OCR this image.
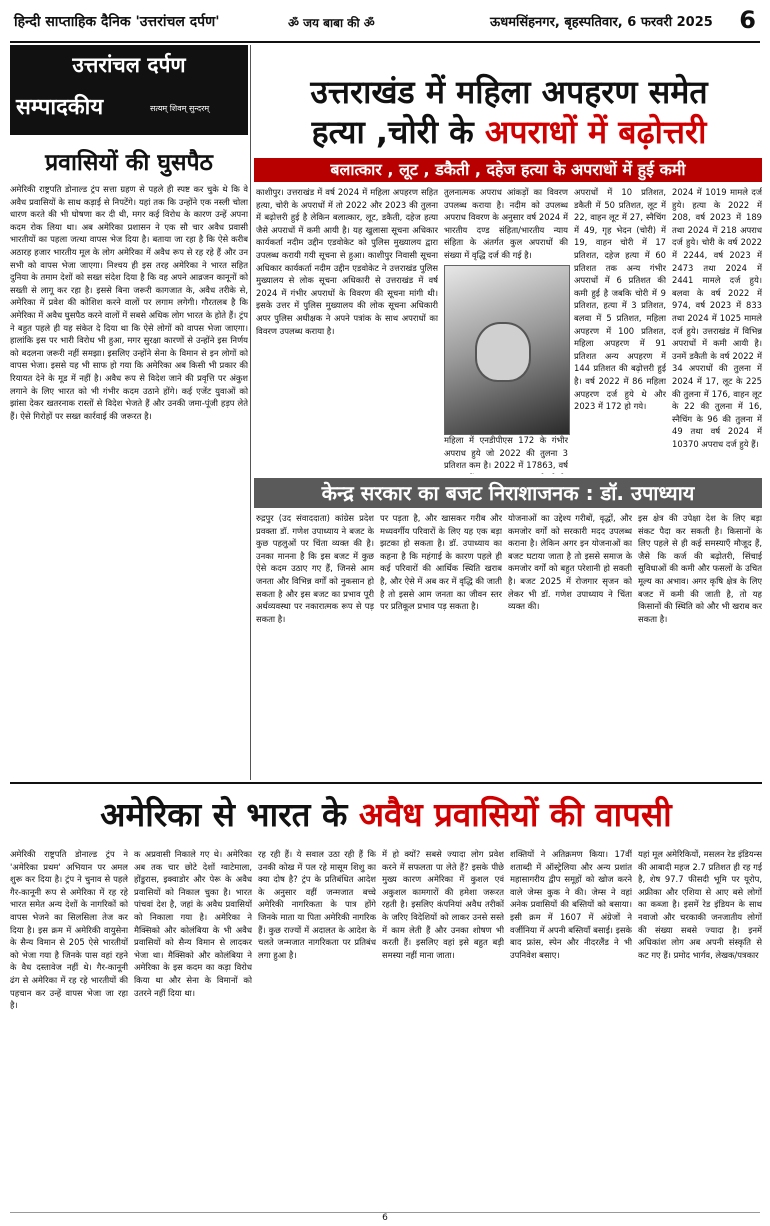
हिन्दी साप्ताहिक दैनिक 'उत्तरांचल दर्पण'	ॐ जय बाबा की ॐ	ऊधमसिंहनगर, बृहस्पतिवार, 6 फरवरी 2025 6
उत्तरांचल दर्पण
सम्पादकीय	सत्यम् शिवम् सुन्दरम्
प्रवासियों की घुसपैठ
अमेरिकी राष्ट्रपति डोनाल्ड ट्रंप सत्ता ग्रहण से पहले ही स्पष्ट कर चुके थे कि वे अवैध प्रवासियों के साथ कड़ाई से निपटेंगे। यहां तक कि उन्होंने एक नस्ली चोला धारण करते की भी घोषणा कर दी थी, मगर कई विरोध के कारण उन्हें अपना कदम रोक लिया था। अब अमेरिका प्रशासन ने एक सौ चार अवैध प्रवासी भारतीयों का पहला जत्था वापस भेज दिया है। बताया जा रहा है कि ऐसे करीब अठारह हजार भारतीय मूल के लोग अमेरिका में अवैध रूप से रह रहे हैं और उन सभी को वापस भेजा जाएगा। निश्चय ही इस तरह अमेरिका ने भारत सहित दुनिया के तमाम देशों को सख्त संदेश दिया है कि वह अपने आव्रजन कानूनों को सख्ती से लागू कर रहा है। इससे बिना जरूरी कागजात के, अवैध तरीके से, अमेरिका में प्रवेश की कोशिश करने वालों पर लगाम लगेगी। गौरतलब है कि अमेरिका में अवैध घुसपैठ करने वालों में सबसे अधिक लोग भारत के होते हैं। ट्रंप ने बहुत पहले ही यह संकेत दे दिया था कि ऐसे लोगों को वापस भेजा जाएगा। हालांकि इस पर भारी विरोध भी हुआ, मगर सुरक्षा कारणों से उन्होंने इस निर्णय को बदलना जरूरी नहीं समझा। इसलिए उन्होंने सेना के विमान से इन लोगों को वापस भेजा। इससे यह भी साफ हो गया कि अमेरिका अब किसी भी प्रकार की रियायत देने के मूड में नहीं है। अवैध रूप से विदेश जाने की प्रवृत्ति पर अंकुश लगाने के लिए भारत को भी गंभीर कदम उठाने होंगे। कई एजेंट युवाओं को झांसा देकर खतरनाक रास्तों से विदेश भेजते हैं और उनकी जमा-पूंजी हड़प लेते हैं। ऐसे गिरोहों पर सख्त कार्रवाई की जरूरत है।
उत्तराखंड में महिला अपहरण समेत
हत्या ,चोरी के अपराधों में बढ़ोत्तरी
बलात्कार , लूट , डकैती , दहेज हत्या के अपराधों में हुई कमी
काशीपुर। उत्तराखंड में वर्ष 2024 में महिला अपहरण सहित हत्या, चोरी के अपराधों में तो 2022 और 2023 की तुलना में बढ़ोत्तरी हुई है लेकिन बलात्कार, लूट, डकैती, दहेज हत्या जैसे अपराधों में कमी आयी है। यह खुलासा सूचना अधिकार कार्यकर्ता नदीम उद्दीन एडवोकेट को पुलिस मुख्यालय द्वारा उपलब्ध करायी गयी सूचना से हुआ। काशीपुर निवासी सूचना अधिकार कार्यकर्ता नदीम उद्दीन एडवोकेट ने उत्तराखंड पुलिस मुख्यालय से लोक सूचना अधिकारी से उत्तराखंड में वर्ष 2024 में गंभीर अपराधों के विवरण की सूचना मांगी थी। इसके उत्तर में पुलिस मुख्यालय की लोक सूचना अधिकारी अपर पुलिस अधीक्षक ने अपने पत्रांक के साथ अपराधों का विवरण उपलब्ध कराया है।
तुलनात्मक अपराध आंकड़ों का विवरण उपलब्ध कराया है। नदीम को उपलब्ध अपराध विवरण के अनुसार वर्ष 2024 में भारतीय दण्ड संहिता/भारतीय न्याय संहिता के अंतर्गत कुल अपराधों की संख्या में वृद्धि दर्ज की गई है।
महिला में एनडीपीएस 172 के गंभीर अपराध हुये जो 2022 की तुलना 3 प्रतिशत कम है। 2022 में 17863, वर्ष
अपराधों में 10 प्रतिशत, डकैती में 50 प्रतिशत, लूट में 22, वाहन लूट में 27, स्नैचिंग में 49, गृह भेदन (चोरी) में 19, वाहन चोरी में 17 प्रतिशत, दहेज हत्या में 60 प्रतिशत तक अन्य गंभीर अपराधों में 6 प्रतिशत की कमी हुई है जबकि चोरी में 9 प्रतिशत, हत्या में 3 प्रतिशत, बलवा में 5 प्रतिशत, महिला अपहरण में 100 प्रतिशत, महिला अपहरण में 91 प्रतिशत अन्य अपहरण में 144 प्रतिशत की बढ़ोत्तरी हुई है। वर्ष 2022 में 86 महिला अपहरण दर्ज हुये थे और 2023 में 172 हो गये।
2024 में 1019 मामले दर्ज हुये। हत्या के 2022 में 208, वर्ष 2023 में 189 तथा 2024 में 218 अपराध दर्ज हुये। चोरी के वर्ष 2022 में 2244, वर्ष 2023 में 2473 तथा 2024 में 2441 मामले दर्ज हुये। बलवा के वर्ष 2022 में 974, वर्ष 2023 में 833 तथा 2024 में 1025 मामले दर्ज हुये। उत्तराखंड में विभिन्न अपराधों में कमी आयी है। उनमें डकैती के वर्ष 2022 में 34 अपराधों की तुलना में 2024 में 17, लूट के 225 की तुलना में 176, वाहन लूट के 22 की तुलना में 16, स्नैचिंग के 96 की तुलना में 49 तथा वर्ष 2024 में 10370 अपराध दर्ज हुये हैं।
केन्द्र सरकार का बजट निराशाजनक : डॉ. उपाध्याय
रुद्रपुर (उद संवाददाता) कांग्रेस प्रदेश प्रवक्ता डॉ. गणेश उपाध्याय ने बजट के कुछ पहलुओं पर चिंता व्यक्त की है। उनका मानना है कि इस बजट में कुछ ऐसे कदम उठाए गए हैं, जिनसे आम जनता और विभिन्न वर्गों को नुकसान हो सकता है और इस बजट का प्रभाव पूरी अर्थव्यवस्था पर नकारात्मक रूप से पड़ सकता है।
पर पड़ता है, और खासकर गरीब और मध्यवर्गीय परिवारों के लिए यह एक बड़ा झटका हो सकता है। डॉ. उपाध्याय का कहना है कि महंगाई के कारण पहले ही कई परिवारों की आर्थिक स्थिति खराब है, और ऐसे में अब कर में वृद्धि की जाती है तो इससे आम जनता का जीवन स्तर पर प्रतिकूल प्रभाव पड़ सकता है।
योजनाओं का उद्देश्य गरीबों, वृद्धों, और कमजोर वर्गों को सरकारी मदद उपलब्ध कराना है। लेकिन अगर इन योजनाओं का बजट घटाया जाता है तो इससे समाज के कमजोर वर्गों को बहुत परेशानी हो सकती है। बजट 2025 में रोजगार सृजन को लेकर भी डॉ. गणेश उपाध्याय ने चिंता व्यक्त की।
इस क्षेत्र की उपेक्षा देश के लिए बड़ा संकट पैदा कर सकती है। किसानों के लिए पहले से ही कई समस्याएँ मौजूद हैं, जैसे कि कर्ज की बढ़ोतरी, सिंचाई सुविधाओं की कमी और फसलों के उचित मूल्य का अभाव। अगर कृषि क्षेत्र के लिए बजट में कमी की जाती है, तो यह किसानों की स्थिति को और भी खराब कर सकता है।
अमेरिका से भारत के अवैध प्रवासियों की वापसी
अमेरिकी राष्ट्रपति डोनाल्ड ट्रंप ने 'अमेरिका प्रथम' अभियान पर अमल शुरू कर दिया है। ट्रंप ने चुनाव से पहले गैर-कानूनी रूप से अमेरिका में रह रहे भारत समेत अन्य देशों के नागरिकों को वापस भेजने का सिलसिला तेज कर दिया है। इस क्रम में अमेरिकी वायुसेना के सैन्य विमान से 205 ऐसे भारतीयों को भेजा गया है जिनके पास वहां रहने के वैध दस्तावेज नहीं थे। गैर-कानूनी ढंग से अमेरिका में रह रहे भारतीयों की पहचान कर उन्हें वापस भेजा जा रहा है।
क अप्रवासी निकाले गए थे। अमेरिका अब तक चार छोटे देशों ग्वाटेमाला, होंडुरास, इक्वाडोर और पेरू के अवैध प्रवासियों को निकाल चुका है। भारत पांचवां देश है, जहां के अवैध प्रवासियों को निकाला गया है। अमेरिका ने मैक्सिको और कोलंबिया के भी अवैध प्रवासियों को सैन्य विमान से लादकर भेजा था। मैक्सिको और कोलंबिया ने अमेरिका के इस कदम का कड़ा विरोध किया था और सेना के विमानों को उतरने नहीं दिया था।
रह रही हैं। ये सवाल उठा रही हैं कि उनकी कोख में पल रहे मासूम शिशु का क्या दोष है? ट्रंप के प्रतिबंधित आदेश के अनुसार वहीं जन्मजात बच्चे अमेरिकी नागरिकता के पात्र होंगे जिनके माता या पिता अमेरिकी नागरिक हैं। कुछ राज्यों में अदालत के आदेश के चलते जन्मजात नागरिकता पर प्रतिबंध लगा हुआ है।
में हो क्यों? सबसे ज्यादा लोग प्रवेश करने में सफलता पा लेते हैं? इसके पीछे मुख्य कारण अमेरिका में कुशल एवं अकुशल कामगारों की हमेशा जरूरत रहती है। इसलिए कंपनियां अवैध तरीकों के जरिए विदेशियों को लाकर उनसे सस्ते में काम लेती हैं और उनका शोषण भी करती हैं। इसलिए वहां इसे बहुत बड़ी समस्या नहीं माना जाता।
शक्तियों ने अतिक्रमण किया। 17वीं शताब्दी में ऑस्ट्रेलिया और अन्य प्रशांत महासागरीय द्वीप समूहों को खोज करने वाले जेम्स कुक ने की। जेम्स ने वहां अनेक प्रवासियों की बस्तियों को बसाया। इसी क्रम में 1607 में अंग्रेजों ने वर्जीनिया में अपनी बस्तियाँ बसाई। इसके बाद फ्रांस, स्पेन और नीदरलैंड ने भी उपनिवेश बसाए।
यहां मूल अमेरिकियों, मसलन रेड इंडियन्स की आबादी महज 2.7 प्रतिशत ही रह गई है, शेष 97.7 फीसदी भूमि पर यूरोप, अफ्रीका और एशिया से आए बसे लोगों का कब्जा है। इसमें रेड इंडियन के साथ नवाजो और चरकाकी जनजातीय लोगों की संख्या सबसे ज्यादा है। इनमें अधिकांश लोग अब अपनी संस्कृति से कट गए हैं। प्रमोद भार्गव, लेखक/पत्रकार
6
